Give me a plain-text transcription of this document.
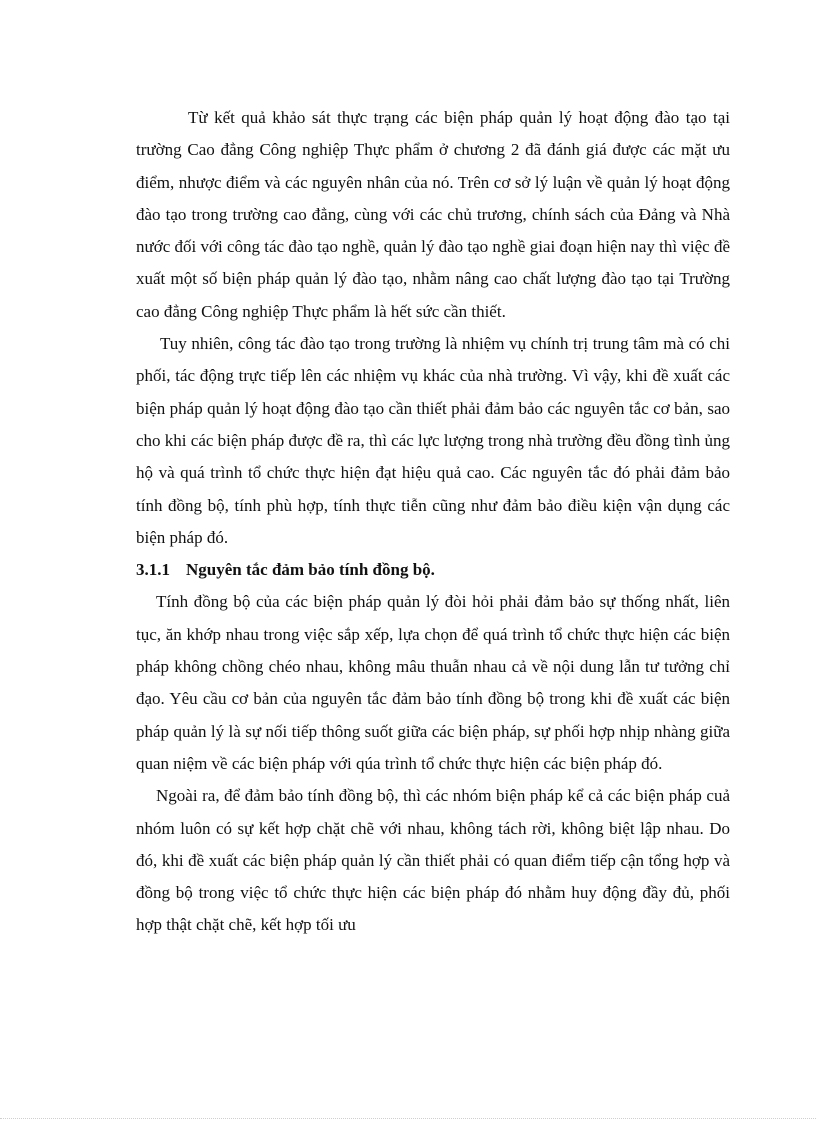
Từ kết quả khảo sát thực trạng các biện pháp quản lý hoạt động đào tạo tại trường Cao đẳng Công nghiệp Thực phẩm ở chương 2 đã đánh giá được các mặt ưu điểm, nhược điểm và các nguyên nhân của nó. Trên cơ sở lý luận về quản lý hoạt động đào tạo trong trường cao đẳng, cùng với các chủ trương, chính sách của Đảng và Nhà nước đối với công tác đào tạo nghề, quản lý đào tạo nghề giai đoạn hiện nay thì việc đề xuất một số biện pháp quản lý đào tạo, nhằm nâng cao chất lượng đào tạo tại Trường cao đẳng Công nghiệp Thực phẩm là hết sức cần thiết.

Tuy nhiên, công tác đào tạo trong trường là nhiệm vụ chính trị trung tâm mà có chi phối, tác động trực tiếp lên các nhiệm vụ khác của nhà trường. Vì vậy, khi đề xuất các biện pháp quản lý hoạt động đào tạo cần thiết phải đảm bảo các nguyên tắc cơ bản, sao cho khi các biện pháp được đề ra, thì các lực lượng trong nhà trường đều đồng tình ủng hộ và quá trình tổ chức thực hiện đạt hiệu quả cao. Các nguyên tắc đó phải đảm bảo tính đồng bộ, tính phù hợp, tính thực tiễn cũng như đảm bảo điều kiện vận dụng các biện pháp đó.

3.1.1 Nguyên tắc đảm bảo tính đồng bộ.

Tính đồng bộ của các biện pháp quản lý đòi hỏi phải đảm bảo sự thống nhất, liên tục, ăn khớp nhau trong việc sắp xếp, lựa chọn để quá trình tổ chức thực hiện các biện pháp không chồng chéo nhau, không mâu thuẫn nhau cả về nội dung lẫn tư tưởng chỉ đạo. Yêu cầu cơ bản của nguyên tắc đảm bảo tính đồng bộ trong khi đề xuất các biện pháp quản lý là sự nối tiếp thông suốt giữa các biện pháp, sự phối hợp nhịp nhàng giữa quan niệm về các biện pháp với qúa trình tổ chức thực hiện các biện pháp đó.

Ngoài ra, để đảm bảo tính đồng bộ, thì các nhóm biện pháp kể cả các biện pháp cuả nhóm luôn có sự kết hợp chặt chẽ với nhau, không tách rời, không biệt lập nhau. Do đó, khi đề xuất các biện pháp quản lý cần thiết phải có quan điểm tiếp cận tổng hợp và đồng bộ trong việc tổ chức thực hiện các biện pháp đó nhằm huy động đầy đủ, phối hợp thật chặt chẽ, kết hợp tối ưu
